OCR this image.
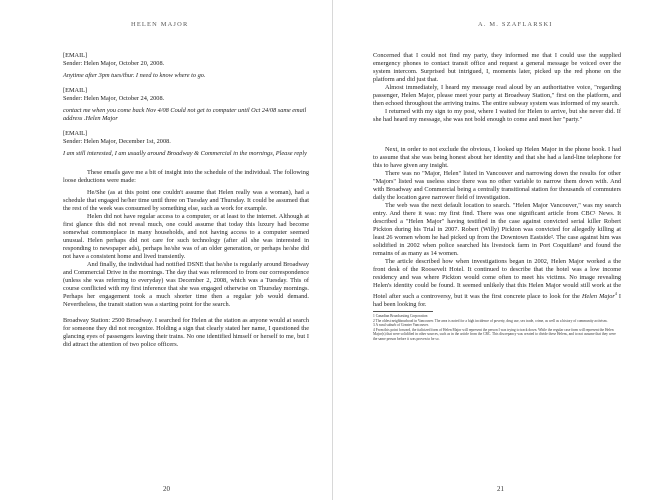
HELEN MAJOR

[EMAIL]

Sender: Helen Major, October 20, 2008.

Anytime after 3pm tues/thur. I need to know where to go.

[EMAIL]

Sender: Helen Major, October 24, 2008.

contact me when you come back Nov 4/08 Could not get to computer until Oct 24/08 same email address .Helen Major

[EMAIL]

Sender: Helen Major, December 1st, 2008.

I am still interested, I am usually around Broadway & Commercial in the mornings, Please reply

These emails gave me a bit of insight into the schedule of the individual. The following loose deductions were made:

He/She (as at this point one couldn't assume that Helen really was a woman), had a schedule that engaged he/her time until three on Tuesday and Thursday. It could be assumed that the rest of the week was consumed by something else, such as work for example.

Helen did not have regular access to a computer, or at least to the internet. Although at first glance this did not reveal much, one could assume that today this luxury had become somewhat commonplace in many households, and not having access to a computer seemed unusual. Helen perhaps did not care for such technology (after all she was interested in responding to newspaper ads), perhaps he/she was of an older generation, or perhaps he/she did not have a consistent home and lived transiently.

And finally, the individual had notified DSNE that he/she is regularly around Broadway and Commercial Drive in the mornings. The day that was referenced to from our correspondence (unless she was referring to everyday) was December 2, 2008, which was a Tuesday. This of course conflicted with my first inference that she was engaged otherwise on Thursday mornings. Perhaps her engagement took a much shorter time then a regular job would demand. Nevertheless, the transit station was a starting point for the search.

Broadway Station: 2500 Broadway. I searched for Helen at the station as anyone would at search for someone they did not recognize. Holding a sign that clearly stated her name, I questioned the glancing eyes of passengers leaving their trains. No one identified himself or herself to me, but I did attract the attention of two police officers.

20
A. M. SZAFLARSKI

Concerned that I could not find my party, they informed me that I could use the supplied emergency phones to contact transit office and request a general message be voiced over the system intercom. Surprised but intrigued, I, moments later, picked up the red phone on the platform and did just that.

Almost immediately, I heard my message read aloud by an authoritative voice, "regarding passenger, Helen Major, please meet your party at Broadway Station," first on the platform, and then echoed throughout the arriving trains. The entire subway system was informed of my search.

I returned with my sign to my post, where I waited for Helen to arrive, but she never did. If she had heard my message, she was not bold enough to come and meet her "party."

Next, in order to not exclude the obvious, I looked up Helen Major in the phone book. I had to assume that she was being honest about her identity and that she had a land-line telephone for this to have given any insight.

There was no "Major, Helen" listed in Vancouver and narrowing down the results for other "Majors" listed was useless since there was no other variable to narrow them down with. And with Broadway and Commercial being a centrally transitional station for thousands of commuters daily the location gave narrower field of investigation.

The web was the next default location to search. "Helen Major Vancouver," was my search entry. And there it was: my first find. There was one significant article from CBC¹ News. It described a "Helen Major" having testified in the case against convicted serial killer Robert Pickton during his Trial in 2007. Robert (Willy) Pickton was convicted for allegedly killing at least 26 women whom he had picked up from the Downtown Eastside². The case against him was solidified in 2002 when police searched his livestock farm in Port Coquitlam³ and found the remains of as many as 14 women.

The article described how when investigations began in 2002, Helen Major worked a the front desk of the Roosevelt Hotel. It continued to describe that the hotel was a low income residency and was where Pickton would come often to meet his victims. No image revealing Helen's identity could be found. It seemed unlikely that this Helen Major would still work at the Hotel after such a controversy, but it was the first concrete place to look for the Helen Major$^4$ I had been looking for.

1 Canadian Broadcasting Corporation

2 The oldest neighbourhood in Vancouver. The area is noted for a high incidence of poverty, drug use, sex trade, crime, as well as a history of community activism.

3 A rural suburb of Greater Vancouver.

4 From this point forward, the italicized form of Helen Major will represent the person I was trying to track down. While the regular case form will represent the Helen Major(s) that were solidified in other sources, such as in the article from the CBC. This discrepancy was created to divide these Helens, and to not assume that they were the same person before it was proven to be so.

21
